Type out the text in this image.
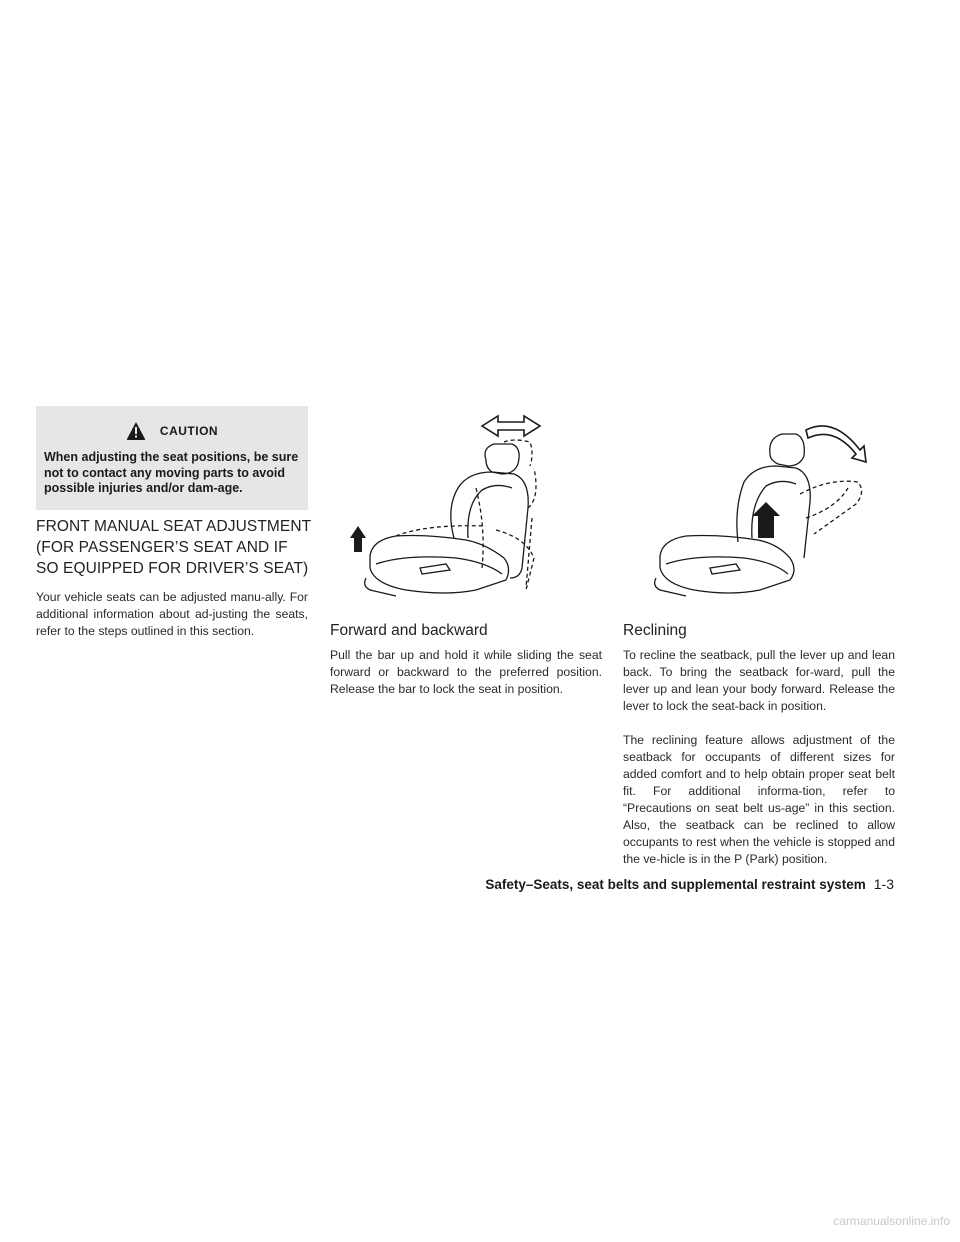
CAUTION
When adjusting the seat positions, be sure not to contact any moving parts to avoid possible injuries and/or dam-age.
FRONT MANUAL SEAT ADJUSTMENT (FOR PASSENGER’S SEAT AND IF SO EQUIPPED FOR DRIVER’S SEAT)
Your vehicle seats can be adjusted manu-ally. For additional information about ad-justing the seats, refer to the steps outlined in this section.	Forward and backward
Pull the bar up and hold it while sliding the seat forward or backward to the preferred position. Release the bar to lock the seat in position.
Reclining
To recline the seatback, pull the lever up and lean back. To bring the seatback for-ward, pull the lever up and lean your body forward. Release the lever to lock the seat-back in position.
The reclining feature allows adjustment of the seatback for occupants of different sizes for added comfort and to help obtain proper seat belt fit. For additional informa-tion, refer to “Precautions on seat belt us-age” in this section. Also, the seatback can be reclined to allow occupants to rest when the vehicle is stopped and the ve-hicle is in the P (Park) position.
Safety–Seats, seat belts and supplemental restraint system 1-3
carmanualsonline.info
